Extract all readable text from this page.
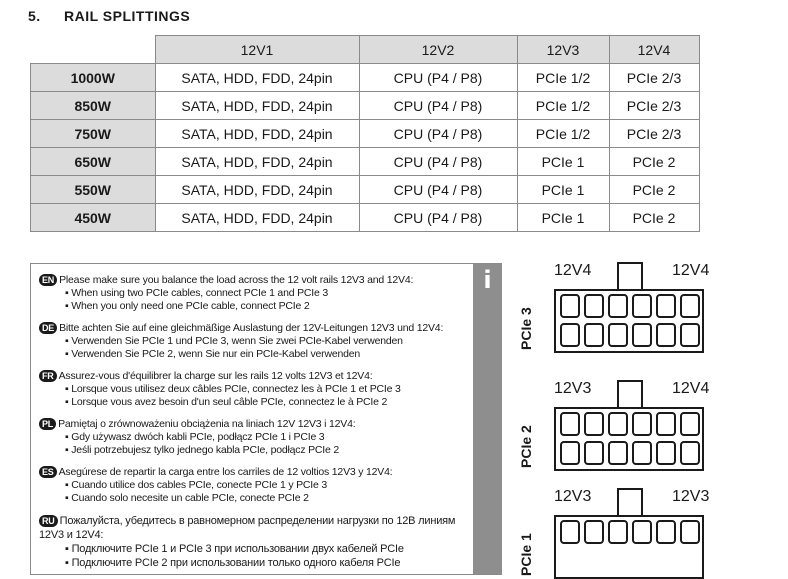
5. RAIL SPLITTINGS
	12V1	12V2	12V3	12V4
1000W	SATA, HDD, FDD, 24pin	CPU (P4 / P8)	PCIe 1/2	PCIe 2/3
850W	SATA, HDD, FDD, 24pin	CPU (P4 / P8)	PCIe 1/2	PCIe 2/3
750W	SATA, HDD, FDD, 24pin	CPU (P4 / P8)	PCIe 1/2	PCIe 2/3
650W	SATA, HDD, FDD, 24pin	CPU (P4 / P8)	PCIe 1	PCIe 2
550W	SATA, HDD, FDD, 24pin	CPU (P4 / P8)	PCIe 1	PCIe 2
450W	SATA, HDD, FDD, 24pin	CPU (P4 / P8)	PCIe 1	PCIe 2
i
EN Please make sure you balance the load across the 12 volt rails 12V3 and 12V4:
▪ When using two PCIe cables, connect PCIe 1 and PCIe 3
▪ When you only need one PCIe cable, connect PCIe 2
DE Bitte achten Sie auf eine gleichmäßige Auslastung der 12V-Leitungen 12V3 und 12V4:
▪ Verwenden Sie PCIe 1 und PCIe 3, wenn Sie zwei PCIe-Kabel verwenden
▪ Verwenden Sie PCIe 2, wenn Sie nur ein PCIe-Kabel verwenden
FR Assurez-vous d'équilibrer la charge sur les rails 12 volts 12V3 et 12V4:
▪ Lorsque vous utilisez deux câbles PCIe, connectez les à PCIe 1 et PCIe 3
▪ Lorsque vous avez besoin d'un seul câble PCIe, connectez le à PCIe 2
PL Pamiętaj o zrównoważeniu obciążenia na liniach 12V 12V3 i 12V4:
▪ Gdy używasz dwóch kabli PCIe, podłącz PCIe 1 i PCIe 3
▪ Jeśli potrzebujesz tylko jednego kabla PCIe, podłącz PCIe 2
ES Asegúrese de repartir la carga entre los carriles de 12 voltios 12V3 y 12V4:
▪ Cuando utilice dos cables PCIe, conecte PCIe 1 y PCIe 3
▪ Cuando solo necesite un cable PCIe, conecte PCIe 2
RU Пожалуйста, убедитесь в равномерном распределении нагрузки по 12В линиям 12V3 и 12V4:
▪ Подключите PCIe 1 и PCIe 3 при использовании двух кабелей PCIe
▪ Подключите PCIe 2 при использовании только одного кабеля PCIe
PCIe 3
12V4	12V4
PCIe 2
12V3	12V4
PCIe 1
12V3	12V3
